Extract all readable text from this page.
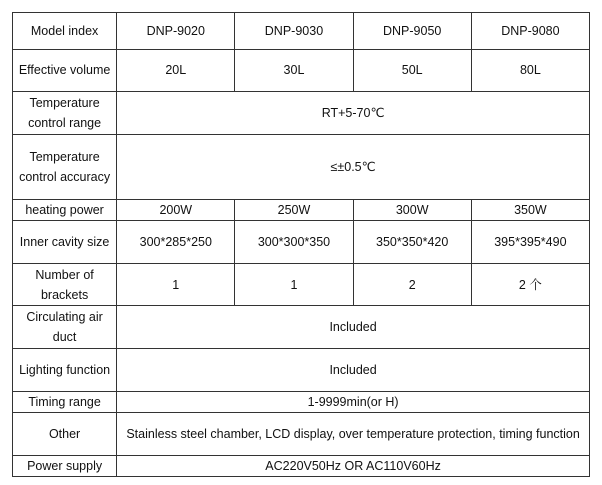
Model index	DNP-9020	DNP-9030	DNP-9050	DNP-9080
Effective volume	20L	30L	50L	80L
Temperature control range	RT+5-70℃			
Temperature control accuracy	≤±0.5℃			
heating power	200W	250W	300W	350W
Inner cavity size	300*285*250	300*300*350	350*350*420	395*395*490
Number of brackets	1	1	2	2 个
Circulating air duct	Included			
Lighting function	Included			
Timing range	1-9999min(or H)			
Other	Stainless steel chamber, LCD display, over temperature protection, timing function			
Power supply	AC220V50Hz OR AC110V60Hz			
